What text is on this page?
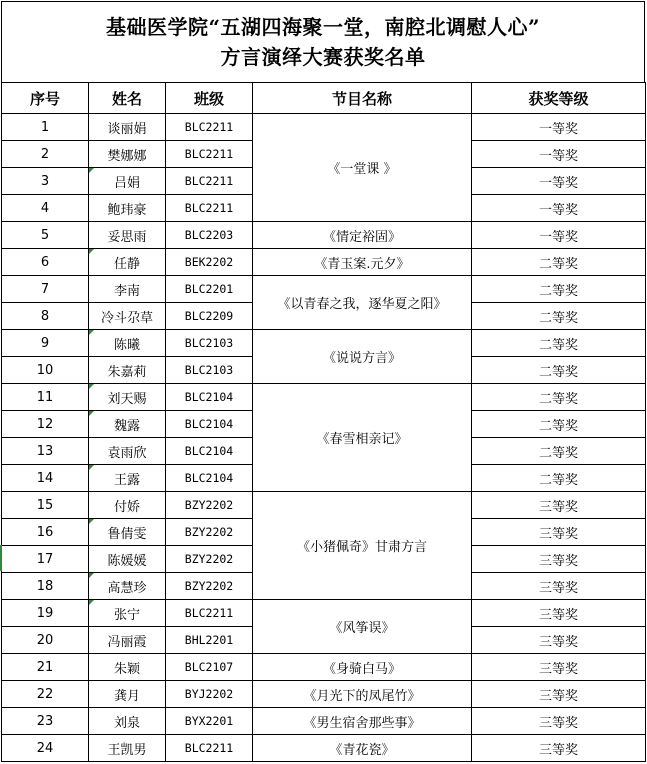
基础医学院“五湖四海聚一堂，南腔北调慰人心”
方言演绎大赛获奖名单
序号	姓名	班级	节目名称	获奖等级
1	谈丽娟	BLC2211	《一堂课 》	一等奖
2	樊娜娜	BLC2211		一等奖
3	吕娟	BLC2211		一等奖
4	鲍玮豪	BLC2211		一等奖
5	妥思雨	BLC2203	《情定裕固》	一等奖
6	任静	BEK2202	《青玉案.元夕》	二等奖
7	李南	BLC2201	《以青春之我，逐华夏之阳》	二等奖
8	冷斗尕草	BLC2209		二等奖
9	陈曦	BLC2103	《说说方言》	二等奖
10	朱嘉莉	BLC2103		二等奖
11	刘天赐	BLC2104	《春雪相亲记》	二等奖
12	魏露	BLC2104		二等奖
13	袁雨欣	BLC2104		二等奖
14	王露	BLC2104		二等奖
15	付娇	BZY2202	《小猪佩奇》甘肃方言	三等奖
16	鲁倩雯	BZY2202		三等奖
17	陈媛媛	BZY2202		三等奖
18	高慧珍	BZY2202		三等奖
19	张宁	BLC2211	《风筝误》	三等奖
20	冯丽霞	BHL2201		三等奖
21	朱颖	BLC2107	《身骑白马》	三等奖
22	龚月	BYJ2202	《月光下的凤尾竹》	三等奖
23	刘泉	BYX2201	《男生宿舍那些事》	三等奖
24	王凯男	BLC2211	《青花瓷》	三等奖
